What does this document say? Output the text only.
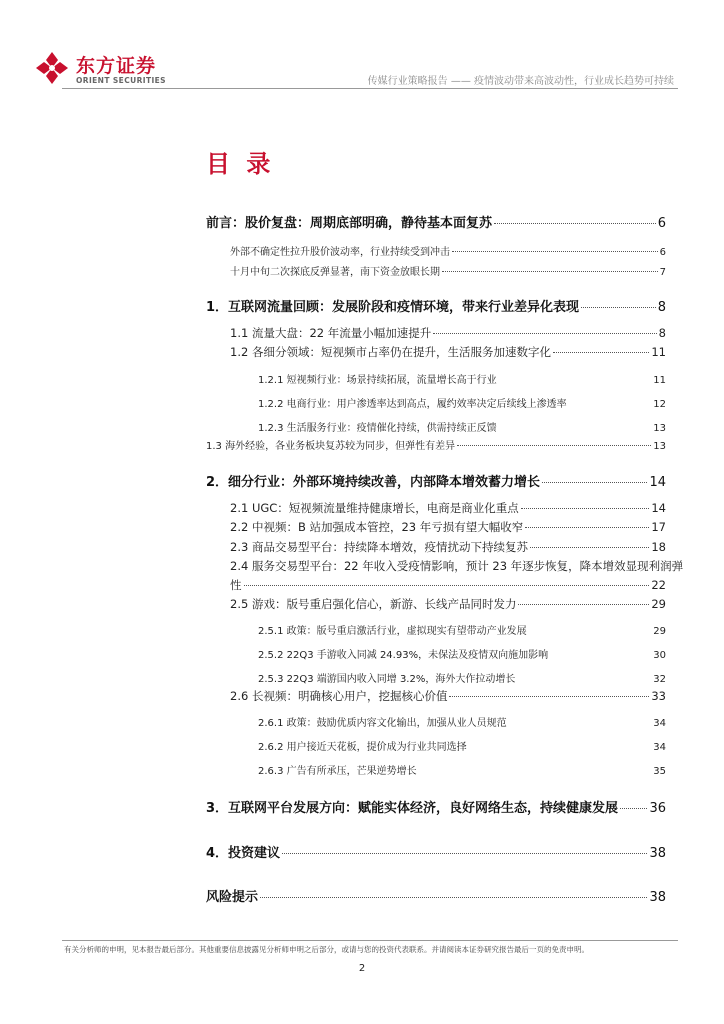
东方证券
ORIENT SECURITIES	传媒行业策略报告 —— 疫情波动带来高波动性，行业成长趋势可持续
目 录
前言：股价复盘：周期底部明确，静待基本面复苏	6
外部不确定性拉升股价波动率，行业持续受到冲击	6
十月中旬二次探底反弹显著，南下资金放眼长期	7
1．互联网流量回顾：发展阶段和疫情环境，带来行业差异化表现	8
1.1 流量大盘：22 年流量小幅加速提升	8
1.2 各细分领域：短视频市占率仍在提升，生活服务加速数字化	11
1.2.1 短视频行业：场景持续拓展，流量增长高于行业	11
1.2.2 电商行业：用户渗透率达到高点，履约效率决定后续线上渗透率	12
1.2.3 生活服务行业：疫情催化持续，供需持续正反馈	13
1.3 海外经验，各业务板块复苏较为同步，但弹性有差异	13
2．细分行业：外部环境持续改善，内部降本增效蓄力增长	14
2.1 UGC：短视频流量维持健康增长，电商是商业化重点	14
2.2 中视频：B 站加强成本管控，23 年亏损有望大幅收窄	17
2.3 商品交易型平台：持续降本增效，疫情扰动下持续复苏	18
2.4 服务交易型平台：22 年收入受疫情影响，预计 23 年逐步恢复，降本增效显现利润弹
性	22
2.5 游戏：版号重启强化信心，新游、长线产品同时发力	29
2.5.1 政策：版号重启激活行业，虚拟现实有望带动产业发展	29
2.5.2 22Q3 手游收入同减 24.93%，未保法及疫情双向施加影响	30
2.5.3 22Q3 端游国内收入同增 3.2%，海外大作拉动增长	32
2.6 长视频：明确核心用户，挖掘核心价值	33
2.6.1 政策：鼓励优质内容文化输出，加强从业人员规范	34
2.6.2 用户接近天花板，提价成为行业共同选择	34
2.6.3 广告有所承压，芒果逆势增长	35
3．互联网平台发展方向：赋能实体经济，良好网络生态，持续健康发展 36
4．投资建议	38
风险提示	38
有关分析师的申明，见本报告最后部分。其他重要信息披露见分析师申明之后部分，或请与您的投资代表联系。并请阅读本证券研究报告最后一页的免责申明。
2
